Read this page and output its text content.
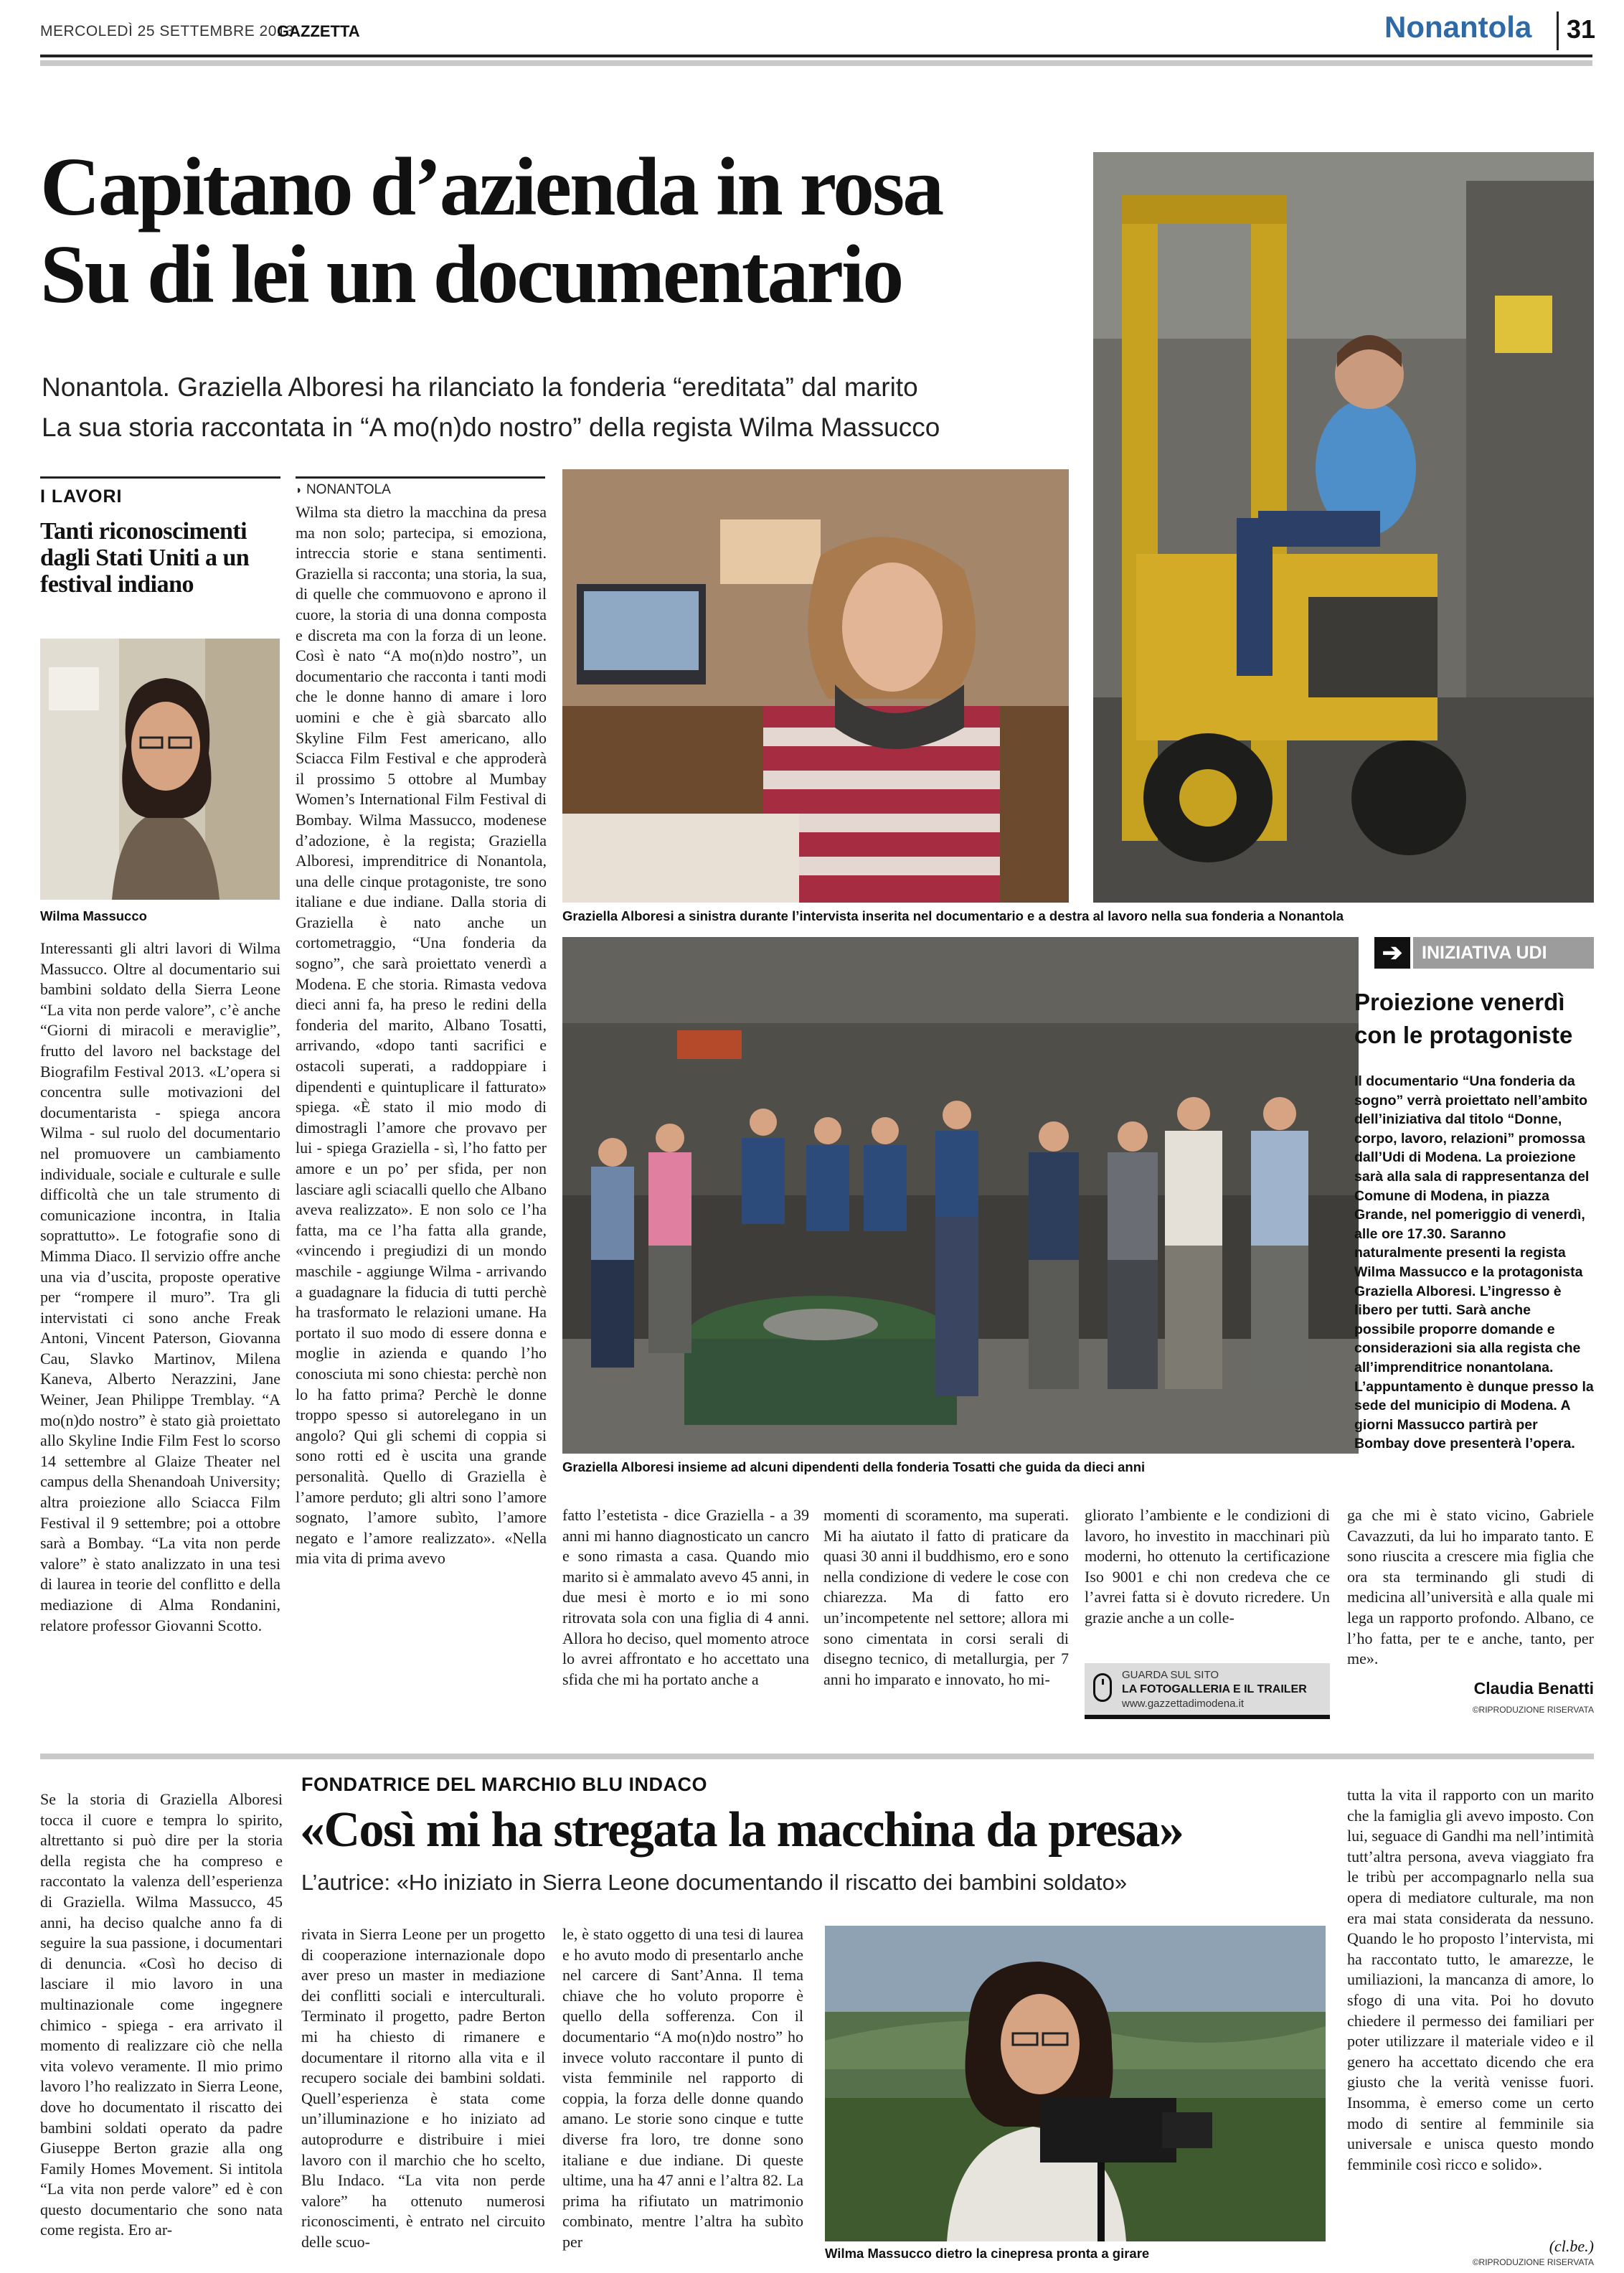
MERCOLEDÌ 25 SETTEMBRE 2013
GAZZETTA	Nonantola 31
Capitano d’azienda in rosa
Su di lei un documentario
Nonantola. Graziella Alboresi ha rilanciato la fonderia “ereditata” dal marito
La sua storia raccontata in “A mo(n)do nostro” della regista Wilma Massucco
I LAVORI
Tanti riconoscimenti dagli Stati Uniti a un festival indiano
Wilma Massucco
Interessanti gli altri lavori di Wilma Massucco. Oltre al documentario sui bambini soldato della Sierra Leone “La vita non perde valore”, c’è anche “Giorni di miracoli e meraviglie”, frutto del lavoro nel backstage del Biografilm Festival 2013. «L’opera si concentra sulle motivazioni del documentarista - spiega ancora Wilma - sul ruolo del documentario nel promuovere un cambiamento individuale, sociale e culturale e sulle difficoltà che un tale strumento di comunicazione incontra, in Italia soprattutto». Le fotografie sono di Mimma Diaco. Il servizio offre anche una via d’uscita, proposte operative per “rompere il muro”. Tra gli intervistati ci sono anche Freak Antoni, Vincent Paterson, Giovanna Cau, Slavko Martinov, Milena Kaneva, Alberto Nerazzini, Jane Weiner, Jean Philippe Tremblay. “A mo(n)do nostro” è stato già proiettato allo Skyline Indie Film Fest lo scorso 14 settembre al Glaize Theater nel campus della Shenandoah University; altra proiezione allo Sciacca Film Festival il 9 settembre; poi a ottobre sarà a Bombay. “La vita non perde valore” è stato analizzato in una tesi di laurea in teorie del conflitto e della mediazione di Alma Rondanini, relatore professor Giovanni Scotto.
◗ NONANTOLA
Wilma sta dietro la macchina da presa ma non solo; partecipa, si emoziona, intreccia storie e stana sentimenti. Graziella si racconta; una storia, la sua, di quelle che commuovono e aprono il cuore, la storia di una donna composta e discreta ma con la forza di un leone. Così è nato “A mo(n)do nostro”, un documentario che racconta i tanti modi che le donne hanno di amare i loro uomini e che è già sbarcato allo Skyline Film Fest americano, allo Sciacca Film Festival e che approderà il prossimo 5 ottobre al Mumbay Women’s International Film Festival di Bombay. Wilma Massucco, modenese d’adozione, è la regista; Graziella Alboresi, imprenditrice di Nonantola, una delle cinque protagoniste, tre sono italiane e due indiane. Dalla storia di Graziella è nato anche un cortometraggio, “Una fonderia da sogno”, che sarà proiettato venerdì a Modena. E che storia. Rimasta vedova dieci anni fa, ha preso le redini della fonderia del marito, Albano Tosatti, arrivando, «dopo tanti sacrifici e ostacoli superati, a raddoppiare i dipendenti e quintuplicare il fatturato» spiega. «È stato il mio modo di dimostragli l’amore che provavo per lui - spiega Graziella - sì, l’ho fatto per amore e un po’ per sfida, per non lasciare agli sciacalli quello che Albano aveva realizzato». E non solo ce l’ha fatta, ma ce l’ha fatta alla grande, «vincendo i pregiudizi di un mondo maschile - aggiunge Wilma - arrivando a guadagnare la fiducia di tutti perchè ha trasformato le relazioni umane. Ha portato il suo modo di essere donna e moglie in azienda e quando l’ho conosciuta mi sono chiesta: perchè non lo ha fatto prima? Perchè le donne troppo spesso si autorelegano in un angolo? Qui gli schemi di coppia si sono rotti ed è uscita una grande personalità. Quello di Graziella è l’amore perduto; gli altri sono l’amore sognato, l’amore subìto, l’amore negato e l’amore realizzato». «Nella mia vita di prima avevo
Graziella Alboresi a sinistra durante l’intervista inserita nel documentario e a destra al lavoro nella sua fonderia a Nonantola
Graziella Alboresi insieme ad alcuni dipendenti della fonderia Tosatti che guida da dieci anni
➔	INIZIATIVA UDI
Proiezione venerdì con le protagoniste
Il documentario “Una fonderia da sogno” verrà proiettato nell’ambito dell’iniziativa dal titolo “Donne, corpo, lavoro, relazioni” promossa dall’Udi di Modena. La proiezione sarà alla sala di rappresentanza del Comune di Modena, in piazza Grande, nel pomeriggio di venerdì, alle ore 17.30. Saranno naturalmente presenti la regista Wilma Massucco e la protagonista Graziella Alboresi. L’ingresso è libero per tutti. Sarà anche possibile proporre domande e considerazioni sia alla regista che all’imprenditrice nonantolana. L’appuntamento è dunque presso la sede del municipio di Modena. A giorni Massucco partirà per Bombay dove presenterà l’opera.
fatto l’estetista - dice Graziella - a 39 anni mi hanno diagnosticato un cancro e sono rimasta a casa. Quando mio marito si è ammalato avevo 45 anni, in due mesi è morto e io mi sono ritrovata sola con una figlia di 4 anni. Allora ho deciso, quel momento atroce lo avrei affrontato e ho accettato una sfida che mi ha portato anche a
momenti di scoramento, ma superati. Mi ha aiutato il fatto di praticare da quasi 30 anni il buddhismo, ero e sono nella condizione di vedere le cose con chiarezza. Ma di fatto ero un’incompetente nel settore; allora mi sono cimentata in corsi serali di disegno tecnico, di metallurgia, per 7 anni ho imparato e innovato, ho mi-
gliorato l’ambiente e le condizioni di lavoro, ho investito in macchinari più moderni, ho ottenuto la certificazione Iso 9001 e chi non credeva che ce l’avrei fatta si è dovuto ricredere. Un grazie anche a un colle-
GUARDA SUL SITO
LA FOTOGALLERIA E IL TRAILER
www.gazzettadimodena.it
ga che mi è stato vicino, Gabriele Cavazzuti, da lui ho imparato tanto. E sono riuscita a crescere mia figlia che ora sta terminando gli studi di medicina all’università e alla quale mi lega un rapporto profondo. Albano, ce l’ho fatta, per te e anche, tanto, per me».
Claudia Benatti
©RIPRODUZIONE RISERVATA
Se la storia di Graziella Alboresi tocca il cuore e tempra lo spirito, altrettanto si può dire per la storia della regista che ha compreso e raccontato la valenza dell’esperienza di Graziella. Wilma Massucco, 45 anni, ha deciso qualche anno fa di seguire la sua passione, i documentari di denuncia. «Così ho deciso di lasciare il mio lavoro in una multinazionale come ingegnere chimico - spiega - era arrivato il momento di realizzare ciò che nella vita volevo veramente. Il mio primo lavoro l’ho realizzato in Sierra Leone, dove ho documentato il riscatto dei bambini soldati operato da padre Giuseppe Berton grazie alla ong Family Homes Movement. Si intitola “La vita non perde valore” ed è con questo documentario che sono nata come regista. Ero ar-
FONDATRICE DEL MARCHIO BLU INDACO
«Così mi ha stregata la macchina da presa»
L’autrice: «Ho iniziato in Sierra Leone documentando il riscatto dei bambini soldato»
rivata in Sierra Leone per un progetto di cooperazione internazionale dopo aver preso un master in mediazione dei conflitti sociali e interculturali. Terminato il progetto, padre Berton mi ha chiesto di rimanere e documentare il ritorno alla vita e il recupero sociale dei bambini soldati. Quell’esperienza è stata come un’illuminazione e ho iniziato ad autoprodurre e distribuire i miei lavoro con il marchio che ho scelto, Blu Indaco. “La vita non perde valore” ha ottenuto numerosi riconoscimenti, è entrato nel circuito delle scuo-
le, è stato oggetto di una tesi di laurea e ho avuto modo di presentarlo anche nel carcere di Sant’Anna. Il tema chiave che ho voluto proporre è quello della sofferenza. Con il documentario “A mo(n)do nostro” ho invece voluto raccontare il punto di vista femminile nel rapporto di coppia, la forza delle donne quando amano. Le storie sono cinque e tutte diverse fra loro, tre donne sono italiane e due indiane. Di queste ultime, una ha 47 anni e l’altra 82. La prima ha rifiutato un matrimonio combinato, mentre l’altra ha subìto per
Wilma Massucco dietro la cinepresa pronta a girare
tutta la vita il rapporto con un marito che la famiglia gli avevo imposto. Con lui, seguace di Gandhi ma nell’intimità tutt’altra persona, aveva viaggiato fra le tribù per accompagnarlo nella sua opera di mediatore culturale, ma non era mai stata considerata da nessuno. Quando le ho proposto l’intervista, mi ha raccontato tutto, le amarezze, le umiliazioni, la mancanza di amore, lo sfogo di una vita. Poi ho dovuto chiedere il permesso dei familiari per poter utilizzare il materiale video e il genero ha accettato dicendo che era giusto che la verità venisse fuori. Insomma, è emerso come un certo modo di sentire al femminile sia universale e unisca questo mondo femminile così ricco e solido».
(cl.be.)
©RIPRODUZIONE RISERVATA
